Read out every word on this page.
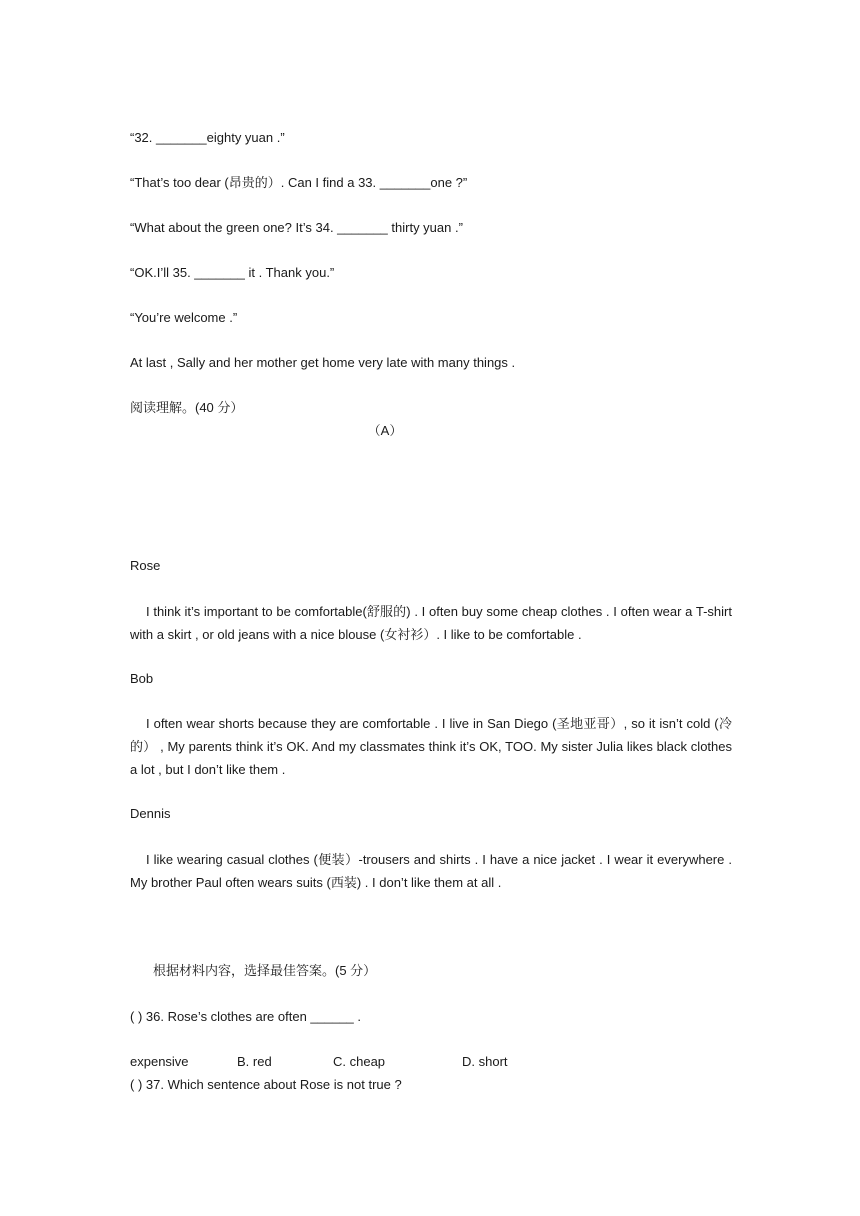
“32. _______eighty yuan .”
“That’s too dear (昂贵的）. Can I find a 33. _______one ?”
“What about the green one? It’s 34. _______ thirty yuan .”
“OK.I’ll 35. _______ it . Thank you.”
“You’re welcome .”
At last , Sally and her mother get home very late with many things .
阅读理解。(40 分）
（A）
Rose
I think it’s important to be comfortable(舒服的) . I often buy some cheap clothes . I often wear a T-shirt with a skirt , or old jeans with a nice blouse (女衬衫）. I like to be comfortable .
Bob
I often wear shorts because they are comfortable . I live in San Diego (圣地亚哥）, so it isn’t cold (冷的） , My parents think it’s OK. And my classmates think it’s OK, TOO. My sister Julia likes black clothes a lot , but I don’t like them .
Dennis
I like wearing casual clothes (便装）-trousers and shirts . I have a nice jacket . I wear it everywhere . My brother Paul often wears suits (西装) . I don’t like them at all .
根据材料内容，选择最佳答案。(5 分）
( ) 36. Rose’s clothes are often ______ .
expensive	B. red	C. cheap	D. short
( ) 37. Which sentence about Rose is not true ?
